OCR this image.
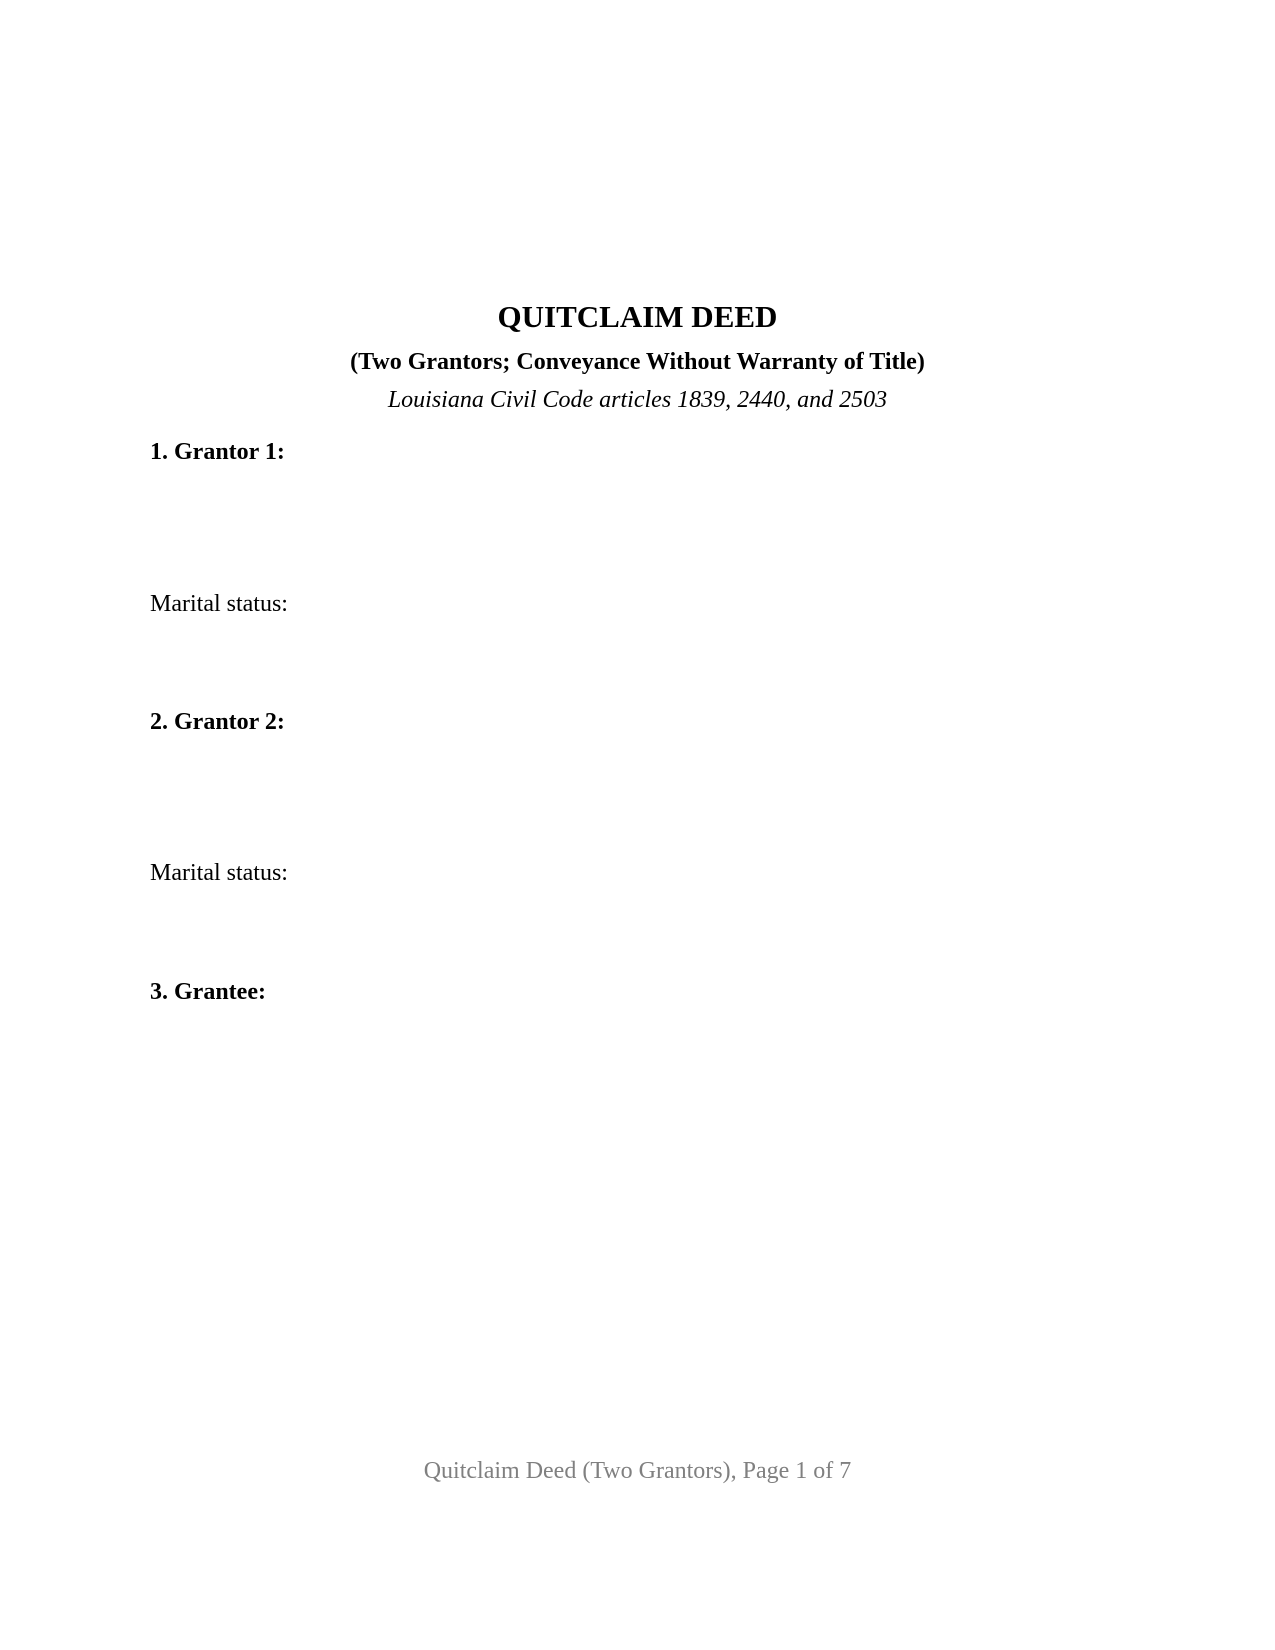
QUITCLAIM DEED
(Two Grantors; Conveyance Without Warranty of Title)
Louisiana Civil Code articles 1839, 2440, and 2503
1. Grantor 1:
Marital status:
2. Grantor 2:
Marital status:
3. Grantee:
Quitclaim Deed (Two Grantors), Page 1 of 7
